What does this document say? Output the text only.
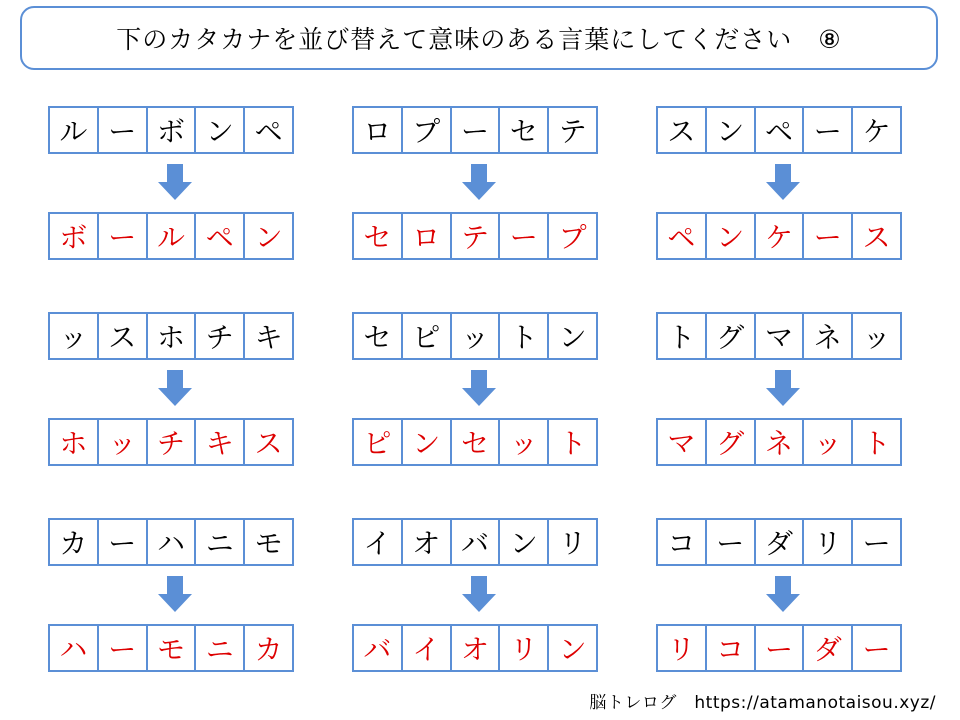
下のカタカナを並び替えて意味のある言葉にしてください　⑧
ル ー ボ ン ペ
ボ ー ル ペ ン
ロ プ ー セ テ
セ ロ テ ー プ
ス ン ペ ー ケ
ペ ン ケ ー ス
ッ ス ホ チ キ
ホ ッ チ キ ス
セ ピ ッ ト ン
ピ ン セ ッ ト
ト グ マ ネ ッ
マ グ ネ ッ ト
カ ー ハ ニ モ
ハ ー モ ニ カ
イ オ バ ン リ
バ イ オ リ ン
コ ー ダ リ ー
リ コ ー ダ ー
脳トレログ　https://atamanotaisou.xyz/
